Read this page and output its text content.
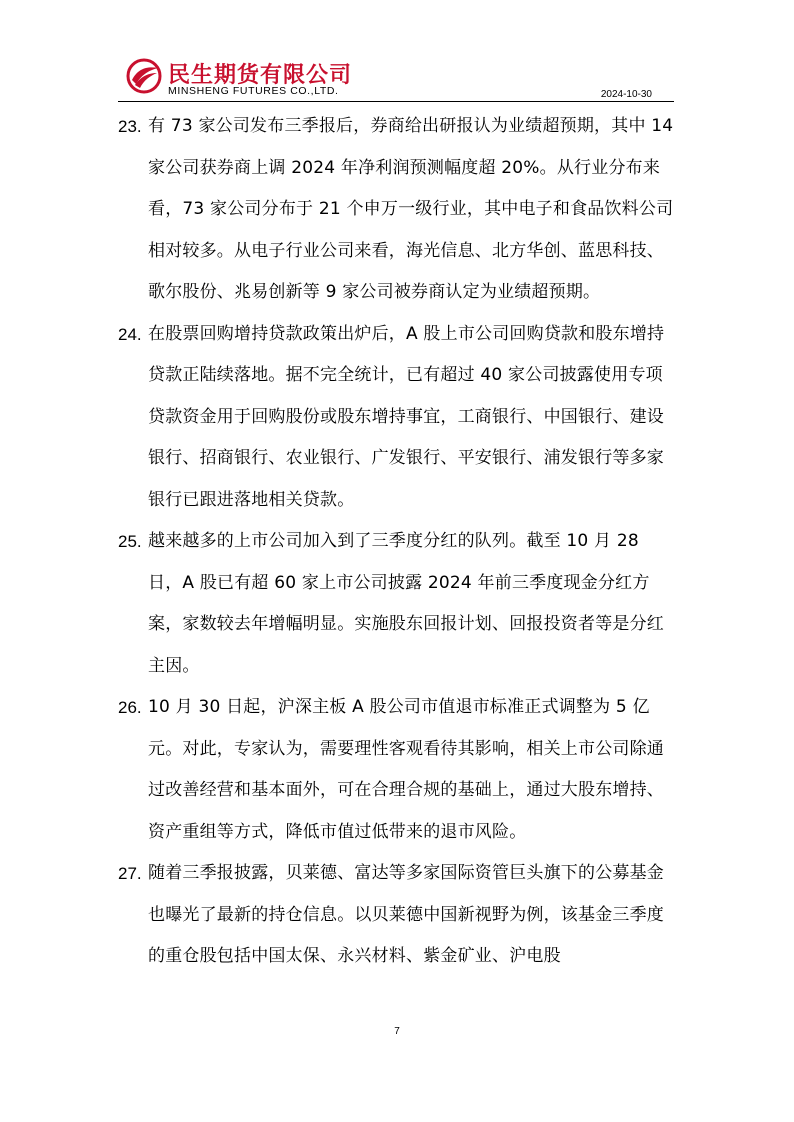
民生期货有限公司
MINSHENG FUTURES CO.,LTD.	2024-10-30
23. 有 73 家公司发布三季报后，券商给出研报认为业绩超预期，其中 14 家公司获券商上调 2024 年净利润预测幅度超 20%。从行业分布来看，73 家公司分布于 21 个申万一级行业，其中电子和食品饮料公司相对较多。从电子行业公司来看，海光信息、北方华创、蓝思科技、歌尔股份、兆易创新等 9 家公司被券商认定为业绩超预期。
24. 在股票回购增持贷款政策出炉后，A 股上市公司回购贷款和股东增持贷款正陆续落地。据不完全统计，已有超过 40 家公司披露使用专项贷款资金用于回购股份或股东增持事宜，工商银行、中国银行、建设银行、招商银行、农业银行、广发银行、平安银行、浦发银行等多家银行已跟进落地相关贷款。
25. 越来越多的上市公司加入到了三季度分红的队列。截至 10 月 28 日，A 股已有超 60 家上市公司披露 2024 年前三季度现金分红方案，家数较去年增幅明显。实施股东回报计划、回报投资者等是分红主因。
26. 10 月 30 日起，沪深主板 A 股公司市值退市标准正式调整为 5 亿元。对此，专家认为，需要理性客观看待其影响，相关上市公司除通过改善经营和基本面外，可在合理合规的基础上，通过大股东增持、资产重组等方式，降低市值过低带来的退市风险。
27. 随着三季报披露，贝莱德、富达等多家国际资管巨头旗下的公募基金也曝光了最新的持仓信息。以贝莱德中国新视野为例，该基金三季度的重仓股包括中国太保、永兴材料、紫金矿业、沪电股
7
